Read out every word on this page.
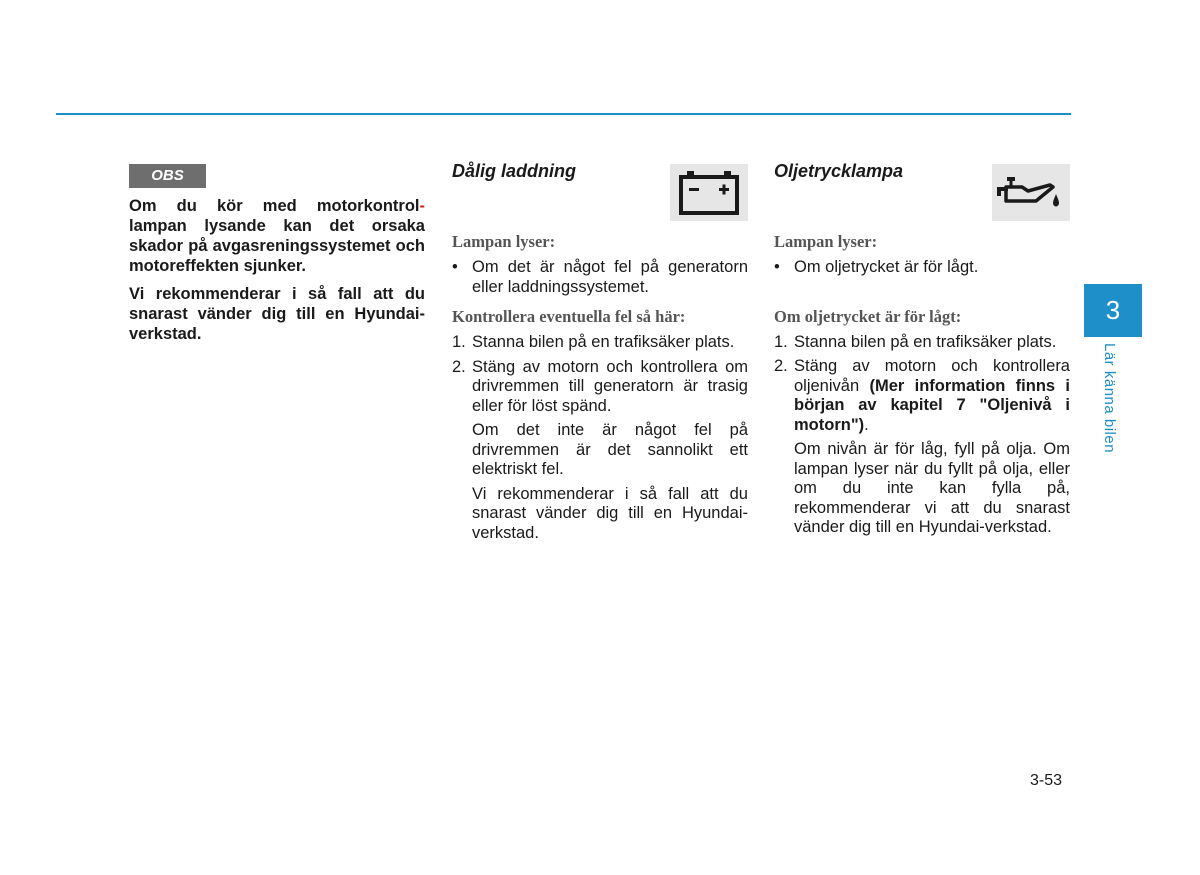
OBS

Om du kör med motorkontrol- lampan lysande kan det orsaka skador på avgasreningssystemet och motoreffekten sjunker.

Vi rekommenderar i så fall att du snarast vänder dig till en Hyundai-verkstad.

Dålig laddning
Lampan lyser:
• Om det är något fel på generatorn eller laddningssystemet.
Kontrollera eventuella fel så här:
1. Stanna bilen på en trafiksäker plats.
2. Stäng av motorn och kontrollera om drivremmen till generatorn är trasig eller för löst spänd.

Om det inte är något fel på drivremmen är det sannolikt ett elektriskt fel.

Vi rekommenderar i så fall att du snarast vänder dig till en Hyundai-verkstad.

Oljetrycklampa
Lampan lyser:
• Om oljetrycket är för lågt.
Om oljetrycket är för lågt:
1. Stanna bilen på en trafiksäker plats.
2. Stäng av motorn och kontrollera oljenivån (Mer information finns i början av kapitel 7 "Oljenivå i motorn").

Om nivån är för låg, fyll på olja. Om lampan lyser när du fyllt på olja, eller om du inte kan fylla på, rekommenderar vi att du snarast vänder dig till en Hyundai-verkstad.

3
Lär känna bilen
3-53
